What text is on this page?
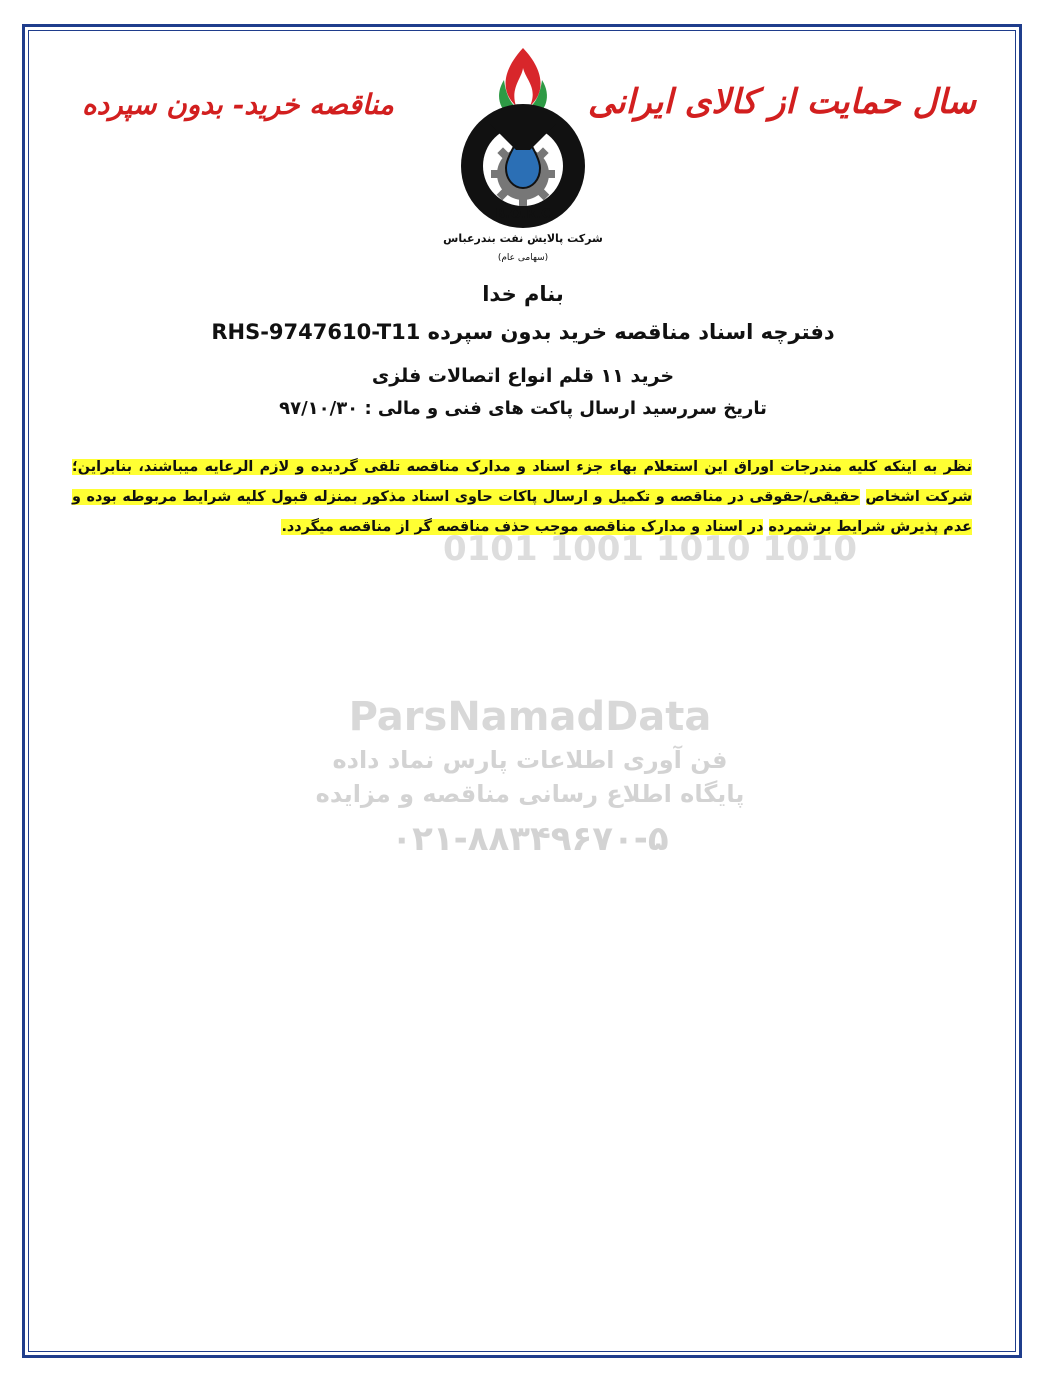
سال حمایت از کالای ایرانی
مناقصه خرید- بدون سپرده
B.O.R.C
شرکت پالایش نفت بندرعباس
(سهامی عام)
بنام خدا
دفترچه اسناد مناقصه خرید بدون سپرده RHS-9747610-T11
خرید ۱۱ قلم انواع اتصالات فلزی
تاریخ سررسید ارسال پاکت های فنی و مالی : ۹۷/۱۰/۳۰
نظر به اینکه کلیه مندرجات اوراق این استعلام بهاء جزء اسناد و مدارک مناقصه تلقی گردیده و لازم الرعایه میباشند، بنابراین؛ شرکت اشخاص حقیقی/حقوقی در مناقصه و تکمیل و ارسال پاکات حاوی اسناد مذکور بمنزله قبول کلیه شرایط مربوطه بوده و عدم پذیرش شرایط برشمرده در اسناد و مدارک مناقصه موجب حذف مناقصه گر از مناقصه میگردد.
0101 1001 1010 1010
ParsNamadData
فن آوری اطلاعات پارس نماد داده
پایگاه اطلاع رسانی مناقصه و مزایده
۰۲۱-۸۸۳۴۹۶۷۰-۵
